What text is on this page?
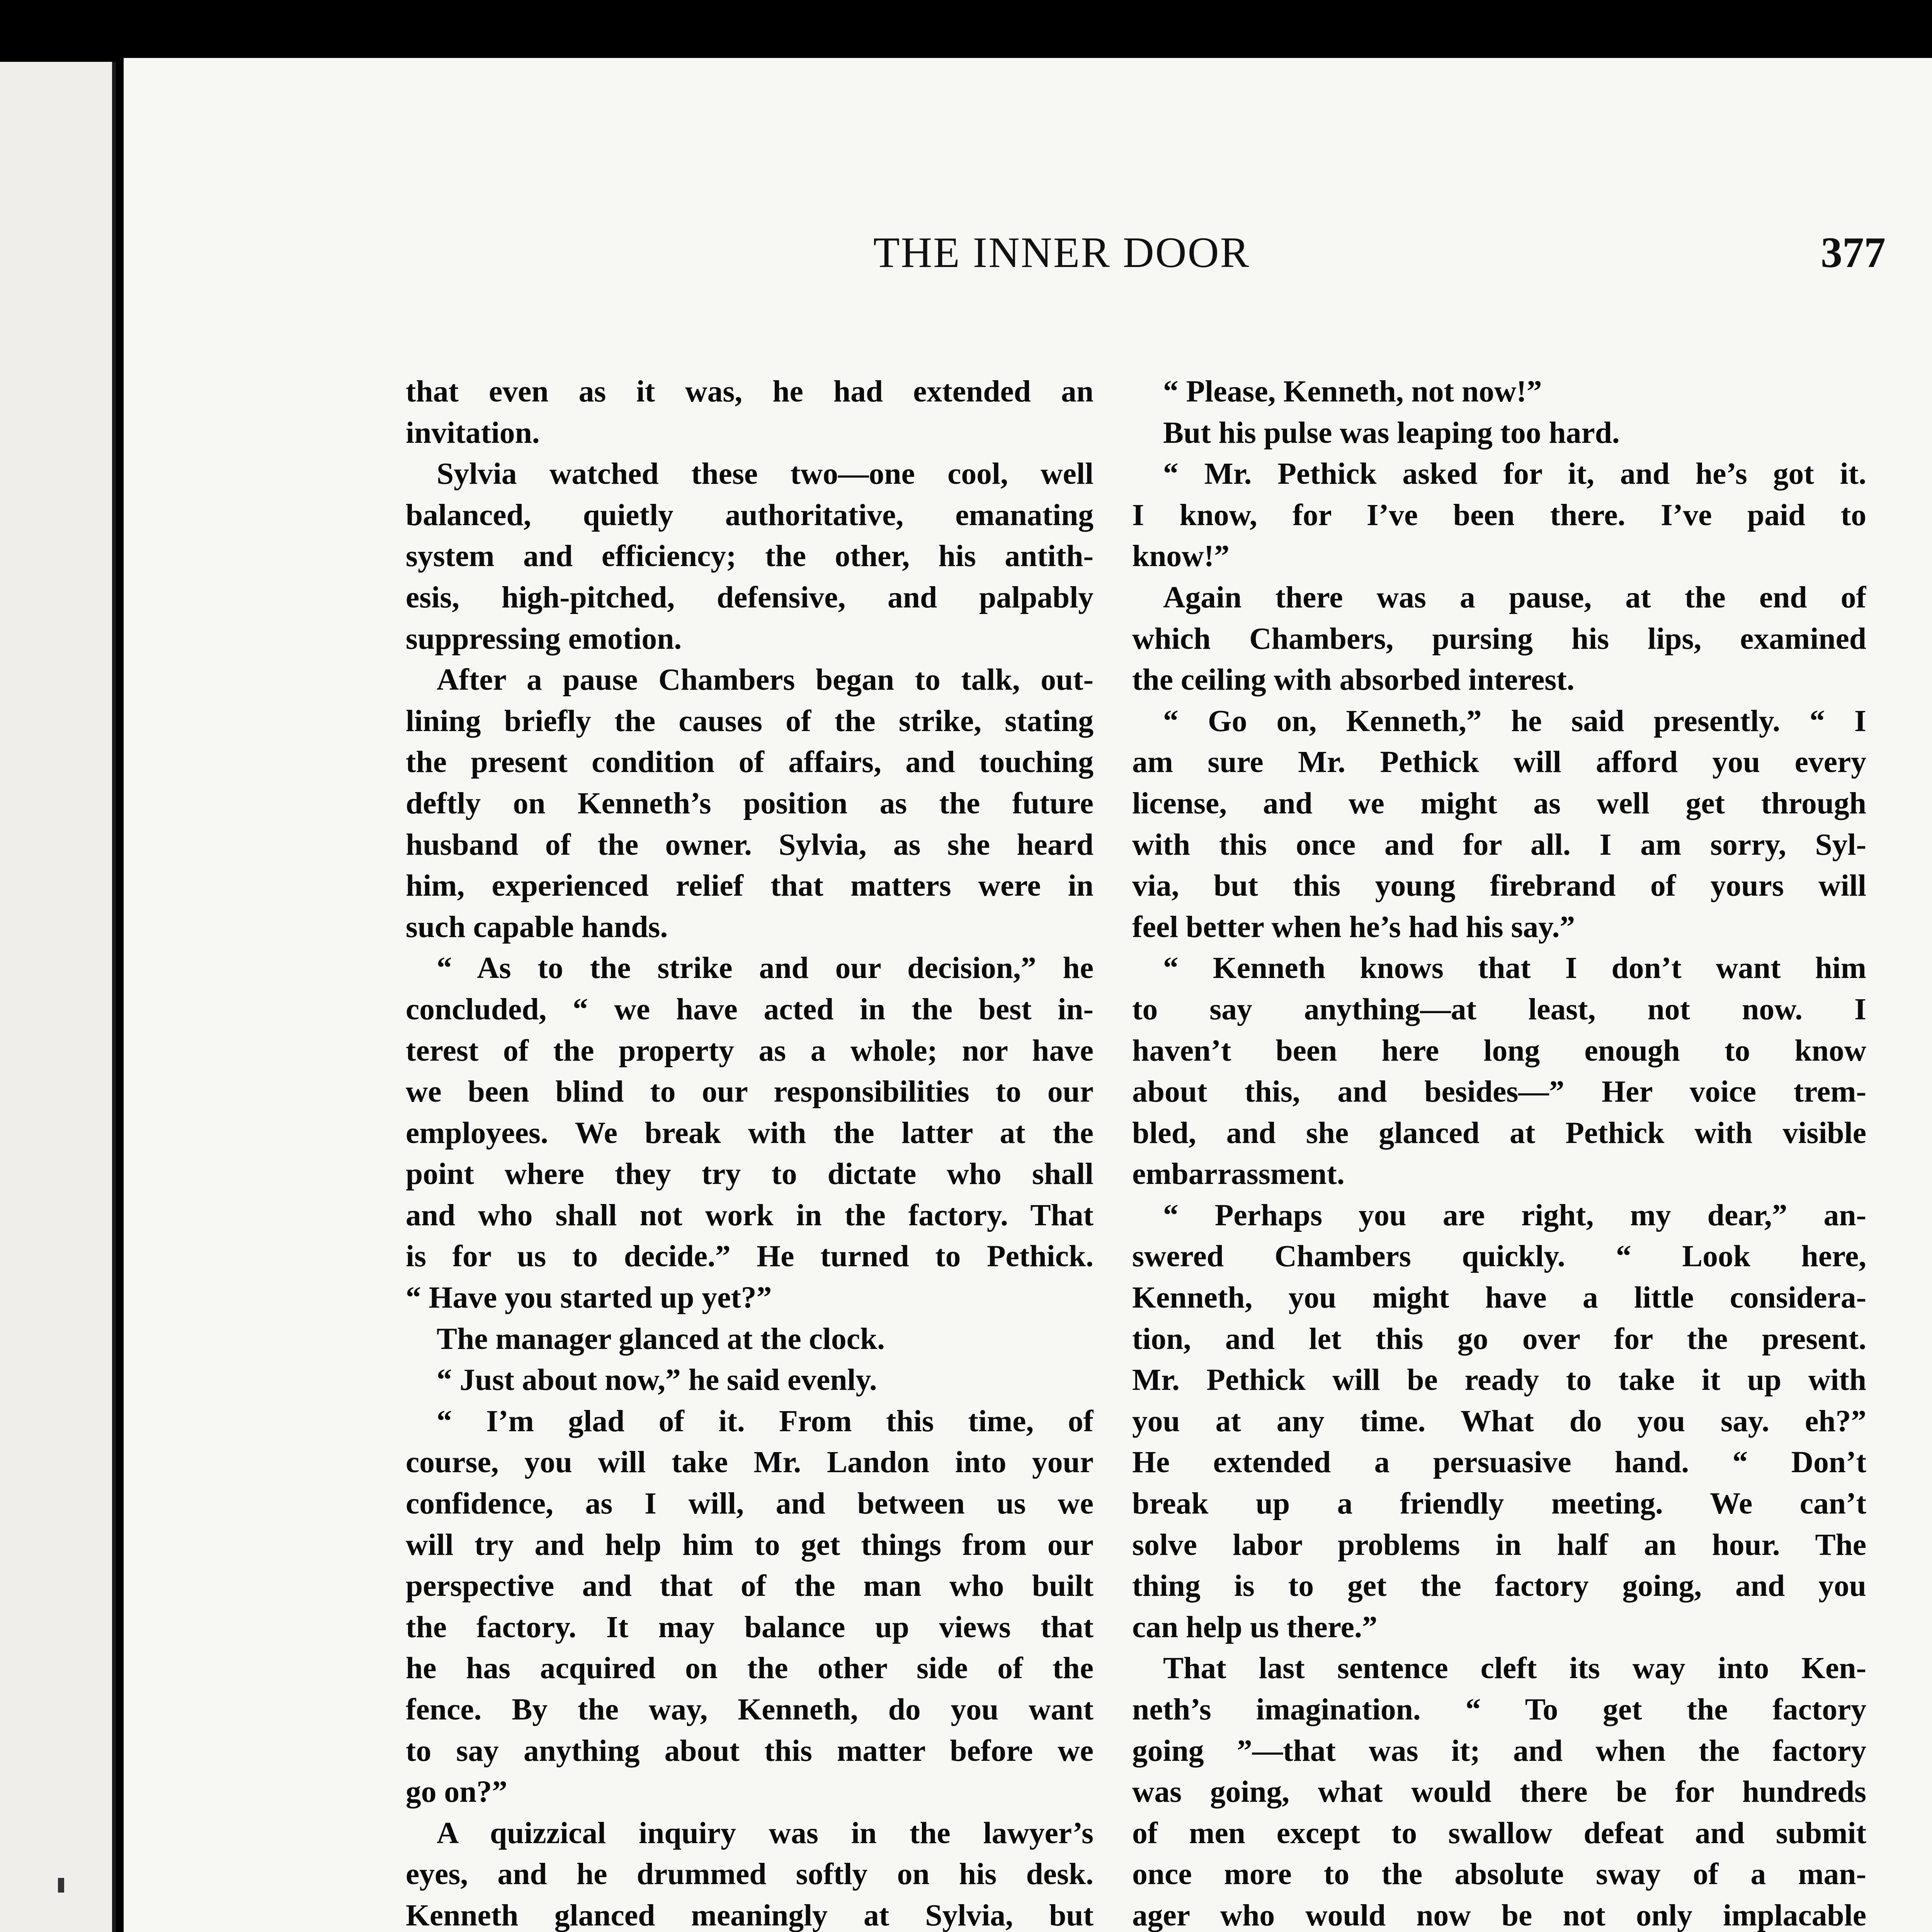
THE INNER DOOR	377
that even as it was, he had extended an
invitation.
Sylvia watched these two—one cool, well
balanced, quietly authoritative, emanating
system and efficiency; the other, his antith-
esis, high-pitched, defensive, and palpably
suppressing emotion.
After a pause Chambers began to talk, out-
lining briefly the causes of the strike, stating
the present condition of affairs, and touching
deftly on Kenneth’s position as the future
husband of the owner. Sylvia, as she heard
him, experienced relief that matters were in
such capable hands.
“ As to the strike and our decision,” he
concluded, “ we have acted in the best in-
terest of the property as a whole; nor have
we been blind to our responsibilities to our
employees. We break with the latter at the
point where they try to dictate who shall
and who shall not work in the factory. That
is for us to decide.” He turned to Pethick.
“ Have you started up yet?”
The manager glanced at the clock.
“ Just about now,” he said evenly.
“ I’m glad of it. From this time, of
course, you will take Mr. Landon into your
confidence, as I will, and between us we
will try and help him to get things from our
perspective and that of the man who built
the factory. It may balance up views that
he has acquired on the other side of the
fence. By the way, Kenneth, do you want
to say anything about this matter before we
go on?”
A quizzical inquiry was in the lawyer’s
eyes, and he drummed softly on his desk.
Kenneth glanced meaningly at Sylvia, but
“ Please, Kenneth, not now!”
But his pulse was leaping too hard.
“ Mr. Pethick asked for it, and he’s got it.
I know, for I’ve been there. I’ve paid to
know!”
Again there was a pause, at the end of
which Chambers, pursing his lips, examined
the ceiling with absorbed interest.
“ Go on, Kenneth,” he said presently. “ I
am sure Mr. Pethick will afford you every
license, and we might as well get through
with this once and for all. I am sorry, Syl-
via, but this young firebrand of yours will
feel better when he’s had his say.”
“ Kenneth knows that I don’t want him
to say anything—at least, not now. I
haven’t been here long enough to know
about this, and besides—” Her voice trem-
bled, and she glanced at Pethick with visible
embarrassment.
“ Perhaps you are right, my dear,” an-
swered Chambers quickly. “ Look here,
Kenneth, you might have a little considera-
tion, and let this go over for the present.
Mr. Pethick will be ready to take it up with
you at any time. What do you say. eh?”
He extended a persuasive hand. “ Don’t
break up a friendly meeting. We can’t
solve labor problems in half an hour. The
thing is to get the factory going, and you
can help us there.”
That last sentence cleft its way into Ken-
neth’s imagination. “ To get the factory
going ”—that was it; and when the factory
was going, what would there be for hundreds
of men except to swallow defeat and submit
once more to the absolute sway of a man-
ager who would now be not only implacable
